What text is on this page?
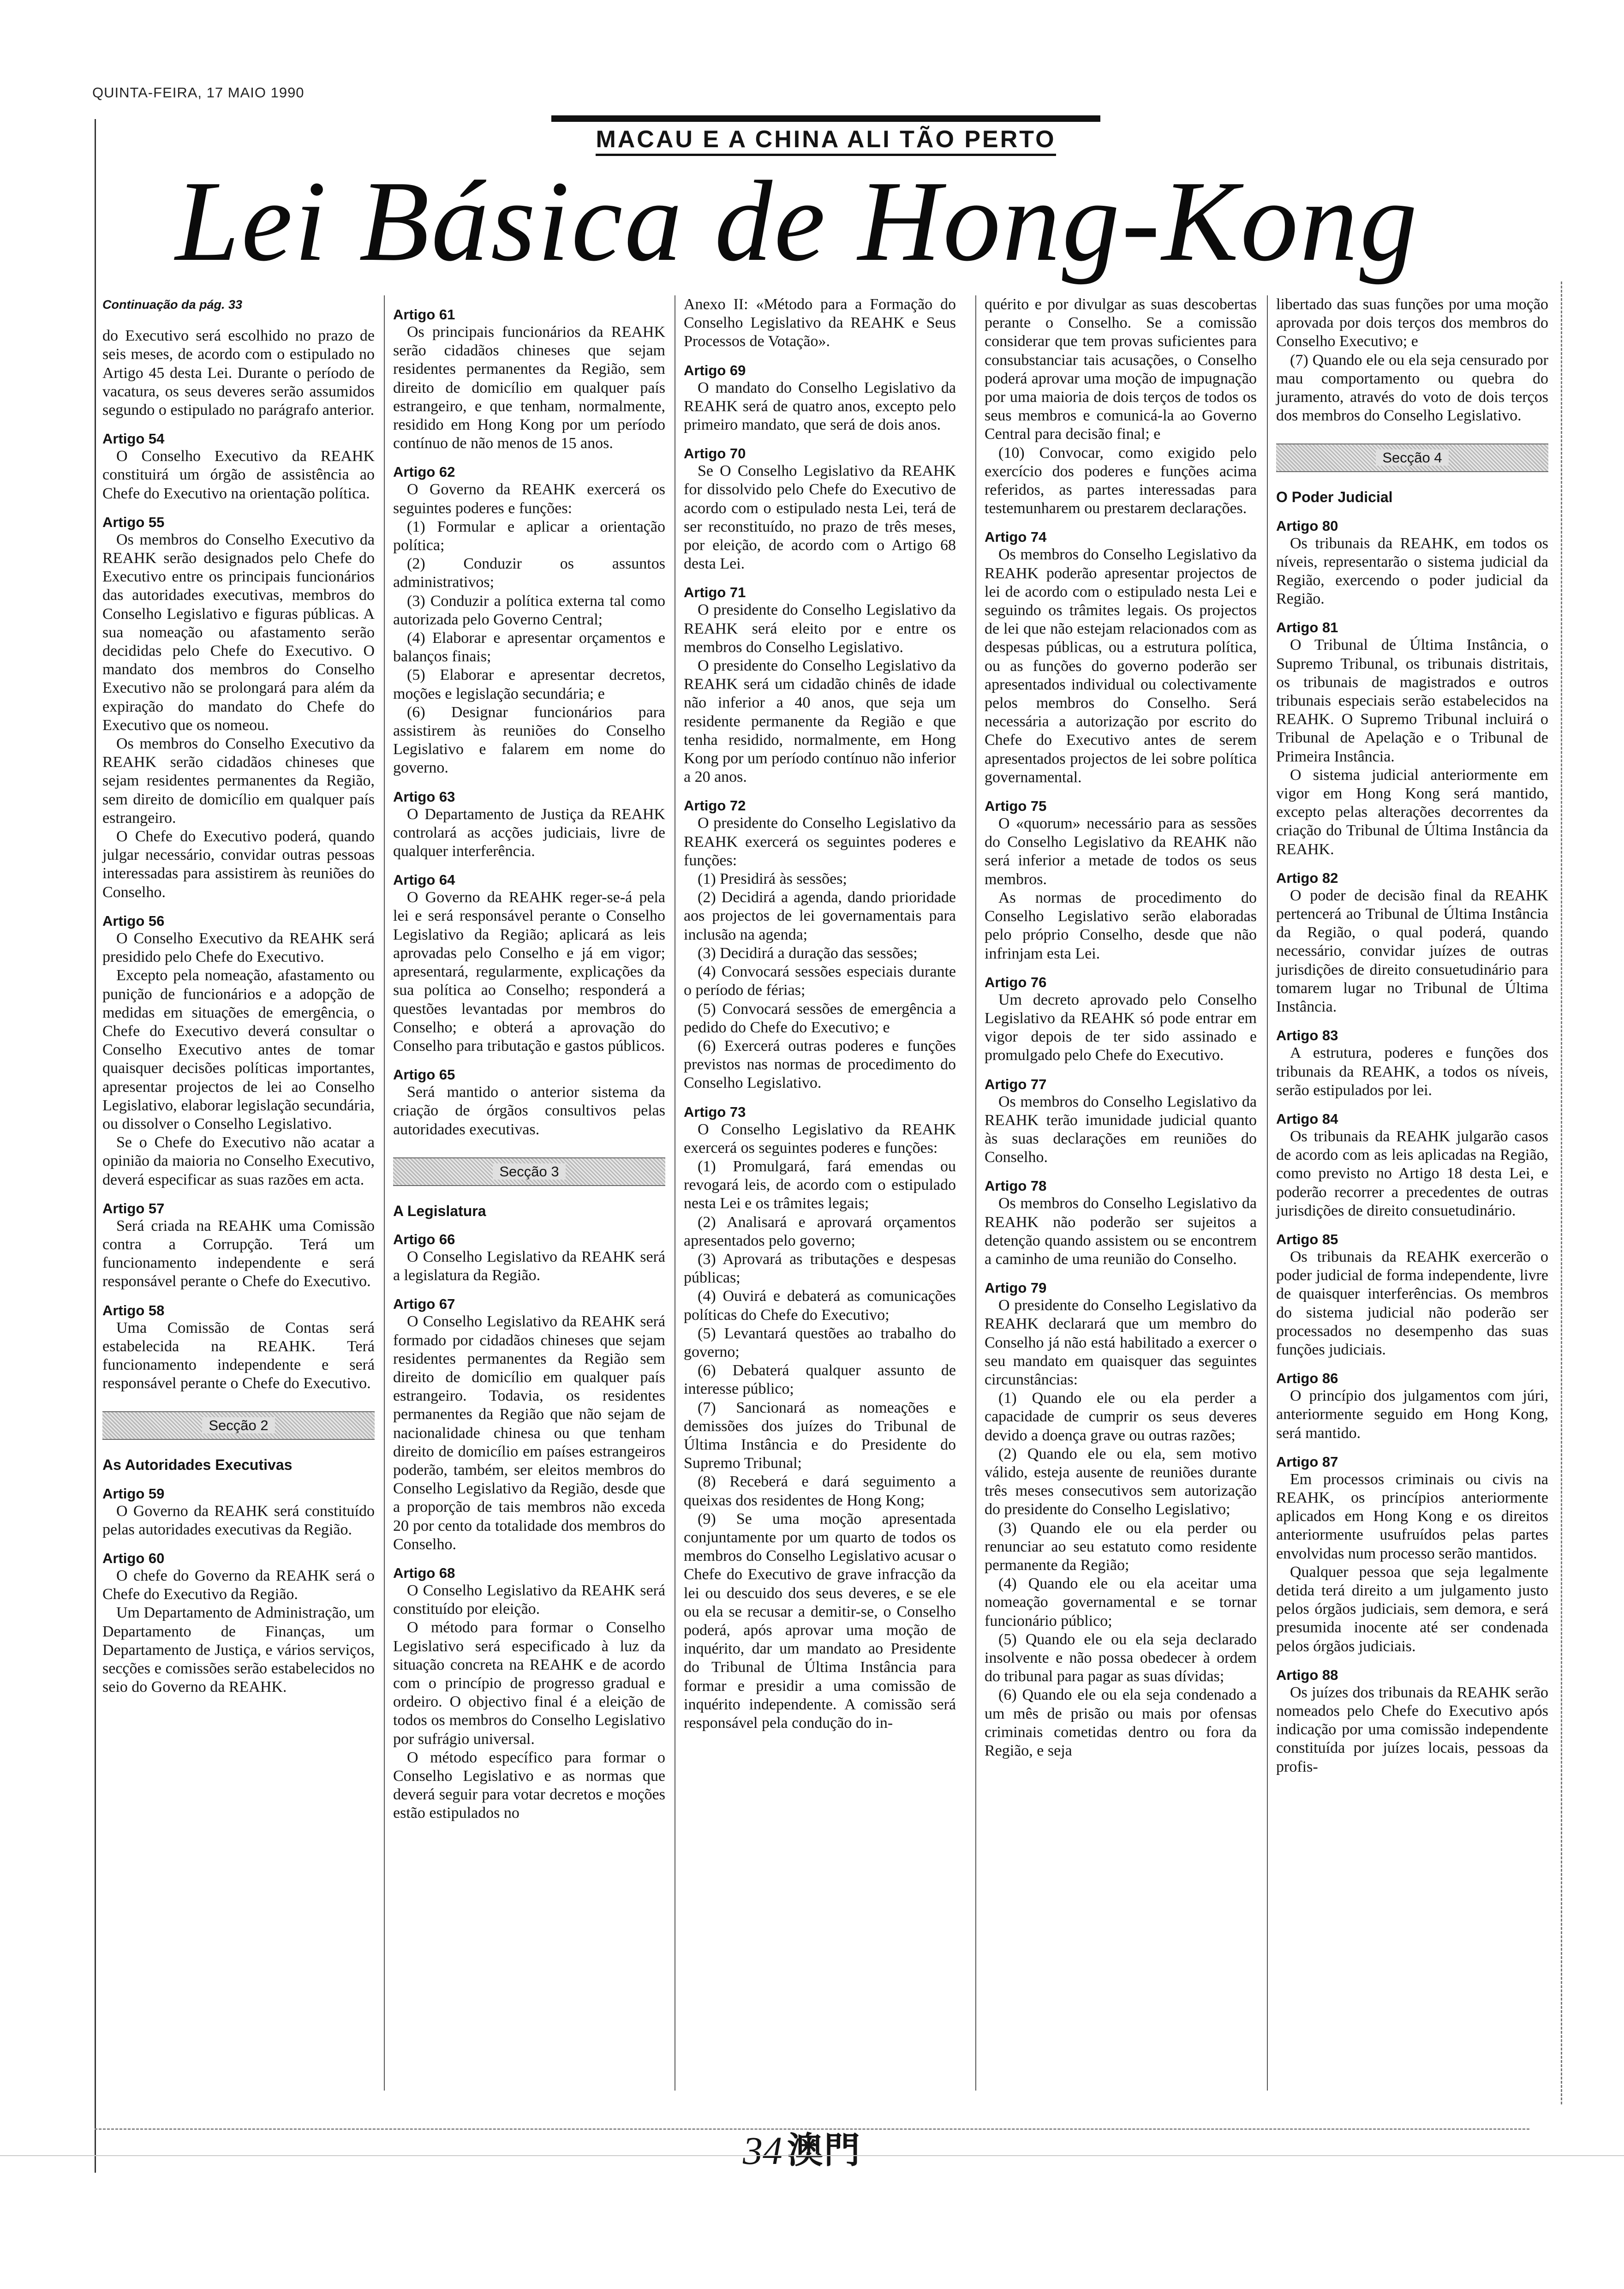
QUINTA-FEIRA, 17 MAIO 1990
MACAU E A CHINA ALI TÃO PERTO
Lei Básica de Hong-Kong
Continuação da pág. 33

do Executivo será escolhido no prazo de seis meses, de acordo com o estipulado no Artigo 45 desta Lei. Durante o período de vacatura, os seus deveres serão assumidos segundo o estipulado no parágrafo anterior.

Artigo 54

O Conselho Executivo da REAHK constituirá um órgão de assistência ao Chefe do Executivo na orientação política.

Artigo 55

Os membros do Conselho Executivo da REAHK serão designados pelo Chefe do Executivo entre os principais funcionários das autoridades executivas, membros do Conselho Legislativo e figuras públicas. A sua nomeação ou afastamento serão decididas pelo Chefe do Executivo. O mandato dos membros do Conselho Executivo não se prolongará para além da expiração do mandato do Chefe do Executivo que os nomeou.

Os membros do Conselho Executivo da REAHK serão cidadãos chineses que sejam residentes permanentes da Região, sem direito de domicílio em qualquer país estrangeiro.

O Chefe do Executivo poderá, quando julgar necessário, convidar outras pessoas interessadas para assistirem às reuniões do Conselho.

Artigo 56

O Conselho Executivo da REAHK será presidido pelo Chefe do Executivo.

Excepto pela nomeação, afastamento ou punição de funcionários e a adopção de medidas em situações de emergência, o Chefe do Executivo deverá consultar o Conselho Executivo antes de tomar quaisquer decisões políticas importantes, apresentar projectos de lei ao Conselho Legislativo, elaborar legislação secundária, ou dissolver o Conselho Legislativo.

Se o Chefe do Executivo não acatar a opinião da maioria no Conselho Executivo, deverá especificar as suas razões em acta.

Artigo 57

Será criada na REAHK uma Comissão contra a Corrupção. Terá um funcionamento independente e será responsável perante o Chefe do Executivo.

Artigo 58

Uma Comissão de Contas será estabelecida na REAHK. Terá funcionamento independente e será responsável perante o Chefe do Executivo.

Secção 2
As Autoridades Executivas
Artigo 59

O Governo da REAHK será constituído pelas autoridades executivas da Região.

Artigo 60

O chefe do Governo da REAHK será o Chefe do Executivo da Região.

Um Departamento de Administração, um Departamento de Finanças, um Departamento de Justiça, e vários serviços, secções e comissões serão estabelecidos no seio do Governo da REAHK.

Artigo 61

Os principais funcionários da REAHK serão cidadãos chineses que sejam residentes permanentes da Região, sem direito de domicílio em qualquer país estrangeiro, e que tenham, normalmente, residido em Hong Kong por um período contínuo de não menos de 15 anos.

Artigo 62

O Governo da REAHK exercerá os seguintes poderes e funções:

(1) Formular e aplicar a orientação política;

(2) Conduzir os assuntos administrativos;

(3) Conduzir a política externa tal como autorizada pelo Governo Central;

(4) Elaborar e apresentar orçamentos e balanços finais;

(5) Elaborar e apresentar decretos, moções e legislação secundária; e

(6) Designar funcionários para assistirem às reuniões do Conselho Legislativo e falarem em nome do governo.

Artigo 63

O Departamento de Justiça da REAHK controlará as acções judiciais, livre de qualquer interferência.

Artigo 64

O Governo da REAHK reger-se-á pela lei e será responsável perante o Conselho Legislativo da Região; aplicará as leis aprovadas pelo Conselho e já em vigor; apresentará, regularmente, explicações da sua política ao Conselho; responderá a questões levantadas por membros do Conselho; e obterá a aprovação do Conselho para tributação e gastos públicos.

Artigo 65

Será mantido o anterior sistema da criação de órgãos consultivos pelas autoridades executivas.

Secção 3
A Legislatura
Artigo 66

O Conselho Legislativo da REAHK será a legislatura da Região.

Artigo 67

O Conselho Legislativo da REAHK será formado por cidadãos chineses que sejam residentes permanentes da Região sem direito de domicílio em qualquer país estrangeiro. Todavia, os residentes permanentes da Região que não sejam de nacionalidade chinesa ou que tenham direito de domicílio em países estrangeiros poderão, também, ser eleitos membros do Conselho Legislativo da Região, desde que a proporção de tais membros não exceda 20 por cento da totalidade dos membros do Conselho.

Artigo 68

O Conselho Legislativo da REAHK será constituído por eleição.

O método para formar o Conselho Legislativo será especificado à luz da situação concreta na REAHK e de acordo com o princípio de progresso gradual e ordeiro. O objectivo final é a eleição de todos os membros do Conselho Legislativo por sufrágio universal.

O método específico para formar o Conselho Legislativo e as normas que deverá seguir para votar decretos e moções estão estipulados no

Anexo II: «Método para a Formação do Conselho Legislativo da REAHK e Seus Processos de Votação».

Artigo 69

O mandato do Conselho Legislativo da REAHK será de quatro anos, excepto pelo primeiro mandato, que será de dois anos.

Artigo 70

Se O Conselho Legislativo da REAHK for dissolvido pelo Chefe do Executivo de acordo com o estipulado nesta Lei, terá de ser reconstituído, no prazo de três meses, por eleição, de acordo com o Artigo 68 desta Lei.

Artigo 71

O presidente do Conselho Legislativo da REAHK será eleito por e entre os membros do Conselho Legislativo.

O presidente do Conselho Legislativo da REAHK será um cidadão chinês de idade não inferior a 40 anos, que seja um residente permanente da Região e que tenha residido, normalmente, em Hong Kong por um período contínuo não inferior a 20 anos.

Artigo 72

O presidente do Conselho Legislativo da REAHK exercerá os seguintes poderes e funções:

(1) Presidirá às sessões;

(2) Decidirá a agenda, dando prioridade aos projectos de lei governamentais para inclusão na agenda;

(3) Decidirá a duração das sessões;

(4) Convocará sessões especiais durante o período de férias;

(5) Convocará sessões de emergência a pedido do Chefe do Executivo; e

(6) Exercerá outras poderes e funções previstos nas normas de procedimento do Conselho Legislativo.

Artigo 73

O Conselho Legislativo da REAHK exercerá os seguintes poderes e funções:

(1) Promulgará, fará emendas ou revogará leis, de acordo com o estipulado nesta Lei e os trâmites legais;

(2) Analisará e aprovará orçamentos apresentados pelo governo;

(3) Aprovará as tributações e despesas públicas;

(4) Ouvirá e debaterá as comunicações políticas do Chefe do Executivo;

(5) Levantará questões ao trabalho do governo;

(6) Debaterá qualquer assunto de interesse público;

(7) Sancionará as nomeações e demissões dos juízes do Tribunal de Última Instância e do Presidente do Supremo Tribunal;

(8) Receberá e dará seguimento a queixas dos residentes de Hong Kong;

(9) Se uma moção apresentada conjuntamente por um quarto de todos os membros do Conselho Legislativo acusar o Chefe do Executivo de grave infracção da lei ou descuido dos seus deveres, e se ele ou ela se recusar a demitir-se, o Conselho poderá, após aprovar uma moção de inquérito, dar um mandato ao Presidente do Tribunal de Última Instância para formar e presidir a uma comissão de inquérito independente. A comissão será responsável pela condução do in-

quérito e por divulgar as suas descobertas perante o Conselho. Se a comissão considerar que tem provas suficientes para consubstanciar tais acusações, o Conselho poderá aprovar uma moção de impugnação por uma maioria de dois terços de todos os seus membros e comunicá-la ao Governo Central para decisão final; e

(10) Convocar, como exigido pelo exercício dos poderes e funções acima referidos, as partes interessadas para testemunharem ou prestarem declarações.

Artigo 74

Os membros do Conselho Legislativo da REAHK poderão apresentar projectos de lei de acordo com o estipulado nesta Lei e seguindo os trâmites legais. Os projectos de lei que não estejam relacionados com as despesas públicas, ou a estrutura política, ou as funções do governo poderão ser apresentados individual ou colectivamente pelos membros do Conselho. Será necessária a autorização por escrito do Chefe do Executivo antes de serem apresentados projectos de lei sobre política governamental.

Artigo 75

O «quorum» necessário para as sessões do Conselho Legislativo da REAHK não será inferior a metade de todos os seus membros.

As normas de procedimento do Conselho Legislativo serão elaboradas pelo próprio Conselho, desde que não infrinjam esta Lei.

Artigo 76

Um decreto aprovado pelo Conselho Legislativo da REAHK só pode entrar em vigor depois de ter sido assinado e promulgado pelo Chefe do Executivo.

Artigo 77

Os membros do Conselho Legislativo da REAHK terão imunidade judicial quanto às suas declarações em reuniões do Conselho.

Artigo 78

Os membros do Conselho Legislativo da REAHK não poderão ser sujeitos a detenção quando assistem ou se encontrem a caminho de uma reunião do Conselho.

Artigo 79

O presidente do Conselho Legislativo da REAHK declarará que um membro do Conselho já não está habilitado a exercer o seu mandato em quaisquer das seguintes circunstâncias:

(1) Quando ele ou ela perder a capacidade de cumprir os seus deveres devido a doença grave ou outras razões;

(2) Quando ele ou ela, sem motivo válido, esteja ausente de reuniões durante três meses consecutivos sem autorização do presidente do Conselho Legislativo;

(3) Quando ele ou ela perder ou renunciar ao seu estatuto como residente permanente da Região;

(4) Quando ele ou ela aceitar uma nomeação governamental e se tornar funcionário público;

(5) Quando ele ou ela seja declarado insolvente e não possa obedecer à ordem do tribunal para pagar as suas dívidas;

(6) Quando ele ou ela seja condenado a um mês de prisão ou mais por ofensas criminais cometidas dentro ou fora da Região, e seja

libertado das suas funções por uma moção aprovada por dois terços dos membros do Conselho Executivo; e

(7) Quando ele ou ela seja censurado por mau comportamento ou quebra do juramento, através do voto de dois terços dos membros do Conselho Legislativo.

Secção 4
O Poder Judicial
Artigo 80

Os tribunais da REAHK, em todos os níveis, representarão o sistema judicial da Região, exercendo o poder judicial da Região.

Artigo 81

O Tribunal de Última Instância, o Supremo Tribunal, os tribunais distritais, os tribunais de magistrados e outros tribunais especiais serão estabelecidos na REAHK. O Supremo Tribunal incluirá o Tribunal de Apelação e o Tribunal de Primeira Instância.

O sistema judicial anteriormente em vigor em Hong Kong será mantido, excepto pelas alterações decorrentes da criação do Tribunal de Última Instância da REAHK.

Artigo 82

O poder de decisão final da REAHK pertencerá ao Tribunal de Última Instância da Região, o qual poderá, quando necessário, convidar juízes de outras jurisdições de direito consuetudinário para tomarem lugar no Tribunal de Última Instância.

Artigo 83

A estrutura, poderes e funções dos tribunais da REAHK, a todos os níveis, serão estipulados por lei.

Artigo 84

Os tribunais da REAHK julgarão casos de acordo com as leis aplicadas na Região, como previsto no Artigo 18 desta Lei, e poderão recorrer a precedentes de outras jurisdições de direito consuetudinário.

Artigo 85

Os tribunais da REAHK exercerão o poder judicial de forma independente, livre de quaisquer interferências. Os membros do sistema judicial não poderão ser processados no desempenho das suas funções judiciais.

Artigo 86

O princípio dos julgamentos com júri, anteriormente seguido em Hong Kong, será mantido.

Artigo 87

Em processos criminais ou civis na REAHK, os princípios anteriormente aplicados em Hong Kong e os direitos anteriormente usufruídos pelas partes envolvidas num processo serão mantidos.

Qualquer pessoa que seja legalmente detida terá direito a um julgamento justo pelos órgãos judiciais, sem demora, e será presumida inocente até ser condenada pelos órgãos judiciais.

Artigo 88

Os juízes dos tribunais da REAHK serão nomeados pelo Chefe do Executivo após indicação por uma comissão independente constituída por juízes locais, pessoas da profis-

34 澳門
